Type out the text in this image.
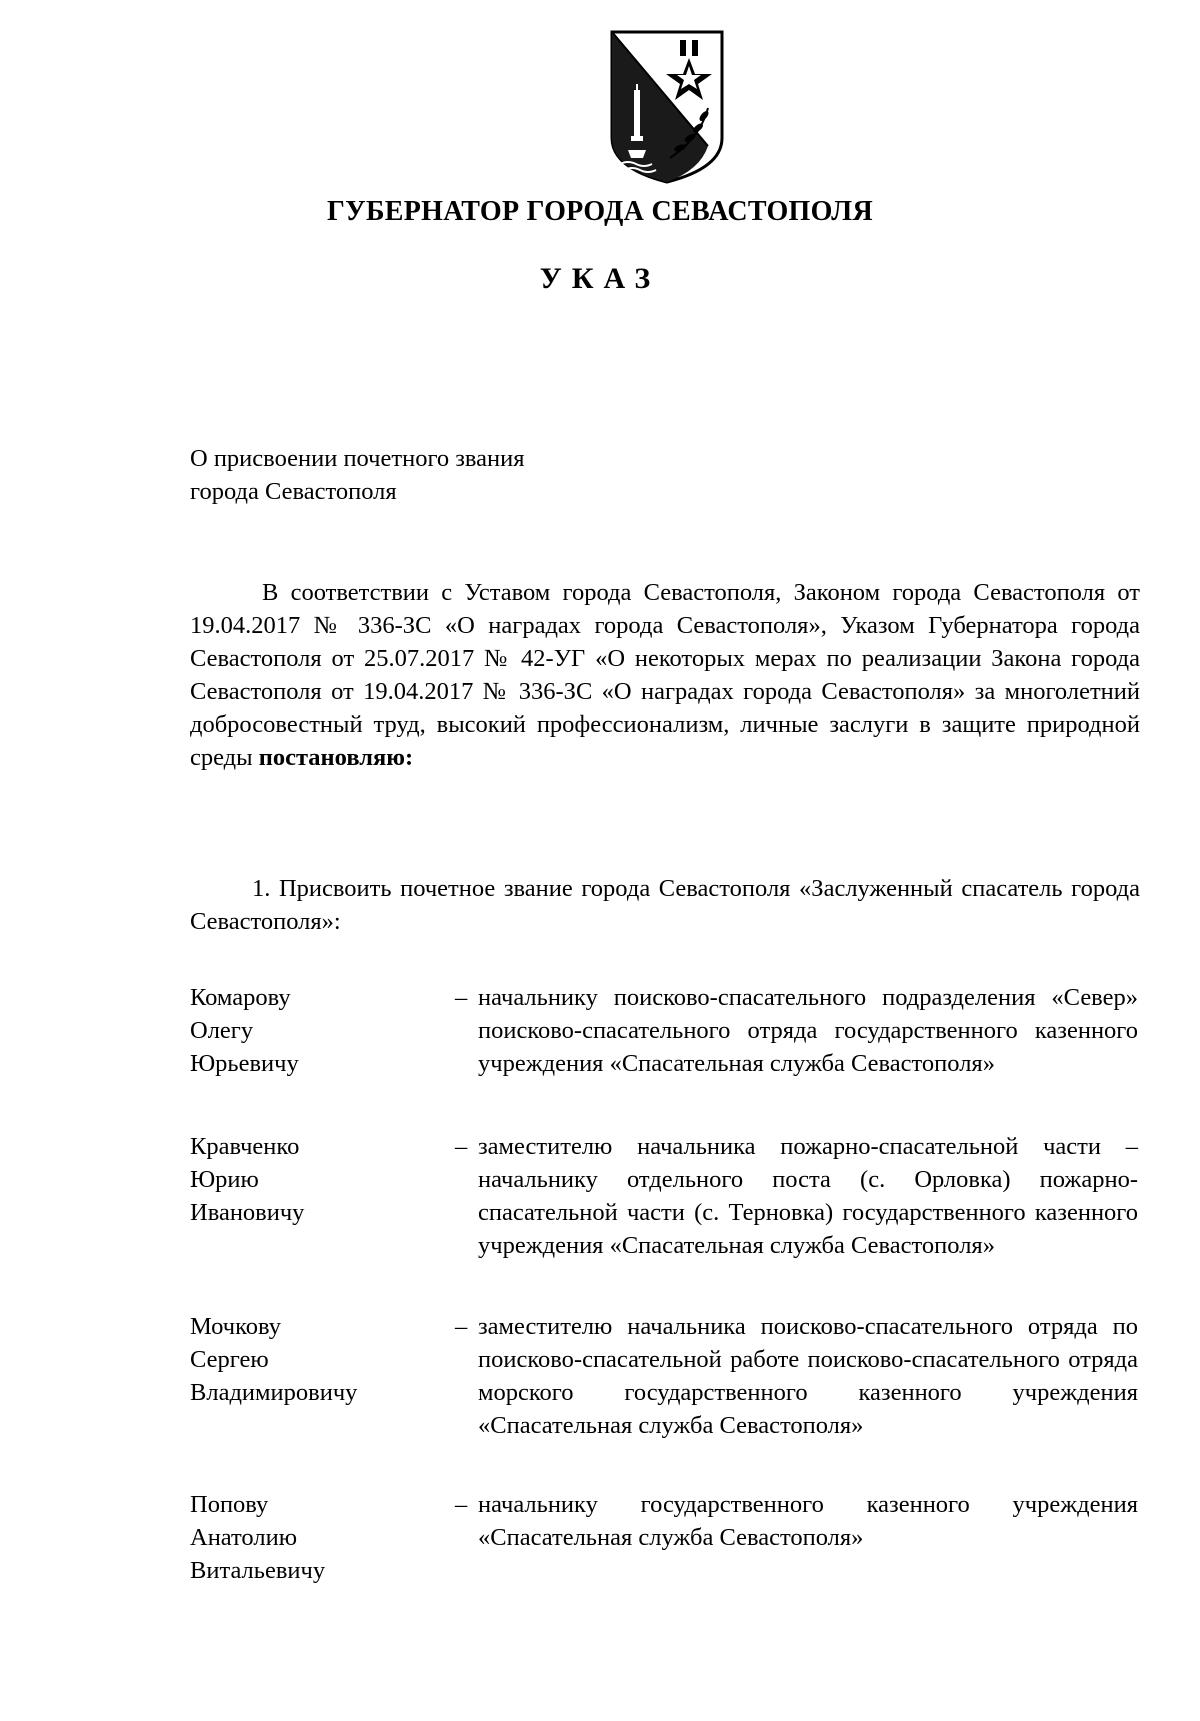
ГУБЕРНАТОР ГОРОДА СЕВАСТОПОЛЯ
УКАЗ
О присвоении почетного звания
города Севастополя
В соответствии с Уставом города Севастополя, Законом города Севастополя от 19.04.2017 № 336-ЗС «О наградах города Севастополя», Указом Губернатора города Севастополя от 25.07.2017 № 42-УГ «О некоторых мерах по реализации Закона города Севастополя от 19.04.2017 № 336-ЗС «О наградах города Севастополя» за многолетний добросовестный труд, высокий профессионализм, личные заслуги в защите природной среды постановляю:
1. Присвоить почетное звание города Севастополя «Заслуженный спасатель города Севастополя»:
Комарову
Олегу
Юрьевичу
– начальнику поисково-спасательного подразделения «Север» поисково-спасательного отряда государственного казенного учреждения «Спасательная служба Севастополя»
Кравченко
Юрию
Ивановичу
– заместителю начальника пожарно-спасательной части – начальнику отдельного поста (с. Орловка) пожарно-спасательной части (с. Терновка) государственного казенного учреждения «Спасательная служба Севастополя»
Мочкову
Сергею
Владимировичу
– заместителю начальника поисково-спасательного отряда по поисково-спасательной работе поисково-спасательного отряда морского государственного казенного учреждения «Спасательная служба Севастополя»
Попову
Анатолию
Витальевичу
– начальнику государственного казенного учреждения «Спасательная служба Севастополя»
